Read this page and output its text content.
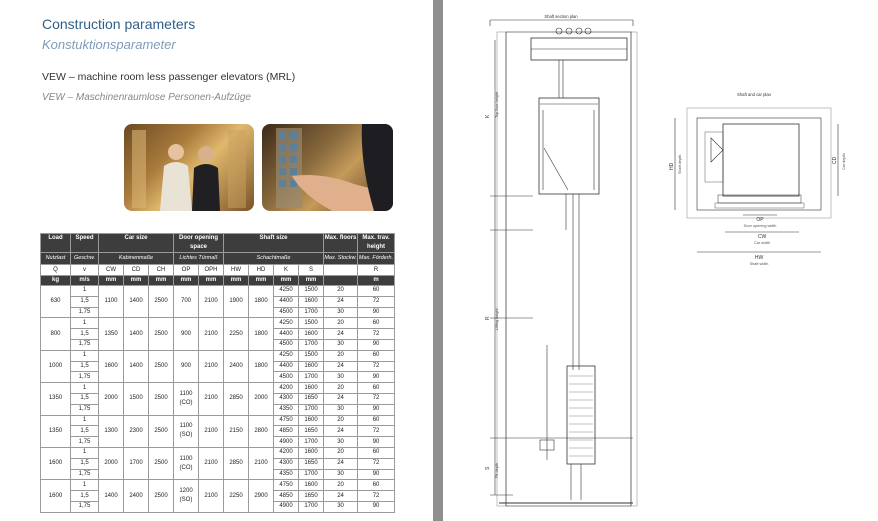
Construction parameters
Konstuktionsparameter
VEW – machine room less passenger elevators (MRL)
VEW – Maschinenraumlose Personen-Aufzüge
Load	Speed	Car size			Door opening space		Shaft size				Max. floors	Max. trav. height
Nutzlast	Geschw.	Kabinenmaße			Lichtes Türmaß		Schachtmaße				Max. Stockw.	Max. Förderh.
Q	v	CW	CD	CH	OP	OPH	HW	HD	K	S		R
kg	m/s	mm	mm	mm	mm	mm	mm	mm	mm	mm		m
630	1	1100	1400	2500	700	2100	1900	1800	4250	1500	20	60
	1,5								4400	1600	24	72
	1,75								4500	1700	30	90
800	1	1350	1400	2500	900	2100	2250	1800	4250	1500	20	60
	1,5								4400	1600	24	72
	1,75								4500	1700	30	90
1000	1	1600	1400	2500	900	2100	2400	1800	4250	1500	20	60
	1,5								4400	1600	24	72
	1,75								4500	1700	30	90
1350	1	2000	1500	2500	1100 (CO)	2100	2850	2000	4200	1600	20	60
	1,5								4300	1650	24	72
	1,75								4350	1700	30	90
1350	1	1300	2300	2500	1100 (SO)	2100	2150	2800	4750	1600	20	60
	1,5								4850	1650	24	72
	1,75								4900	1700	30	90
1600	1	2000	1700	2500	1100 (CO)	2100	2850	2100	4200	1600	20	60
	1,5								4300	1650	24	72
	1,75								4350	1700	30	90
1600	1	1400	2400	2500	1200 (SO)	2100	2250	2900	4750	1600	20	60
	1,5								4850	1650	24	72
	1,75								4900	1700	30	90
Shaft section plan
K Top floor height
R Lifting height
S Pit depth
Shaft and car plan
HD Shaft depth	CD Car depth
OP
Door opening width
CW
Car width
HW
Shaft width
